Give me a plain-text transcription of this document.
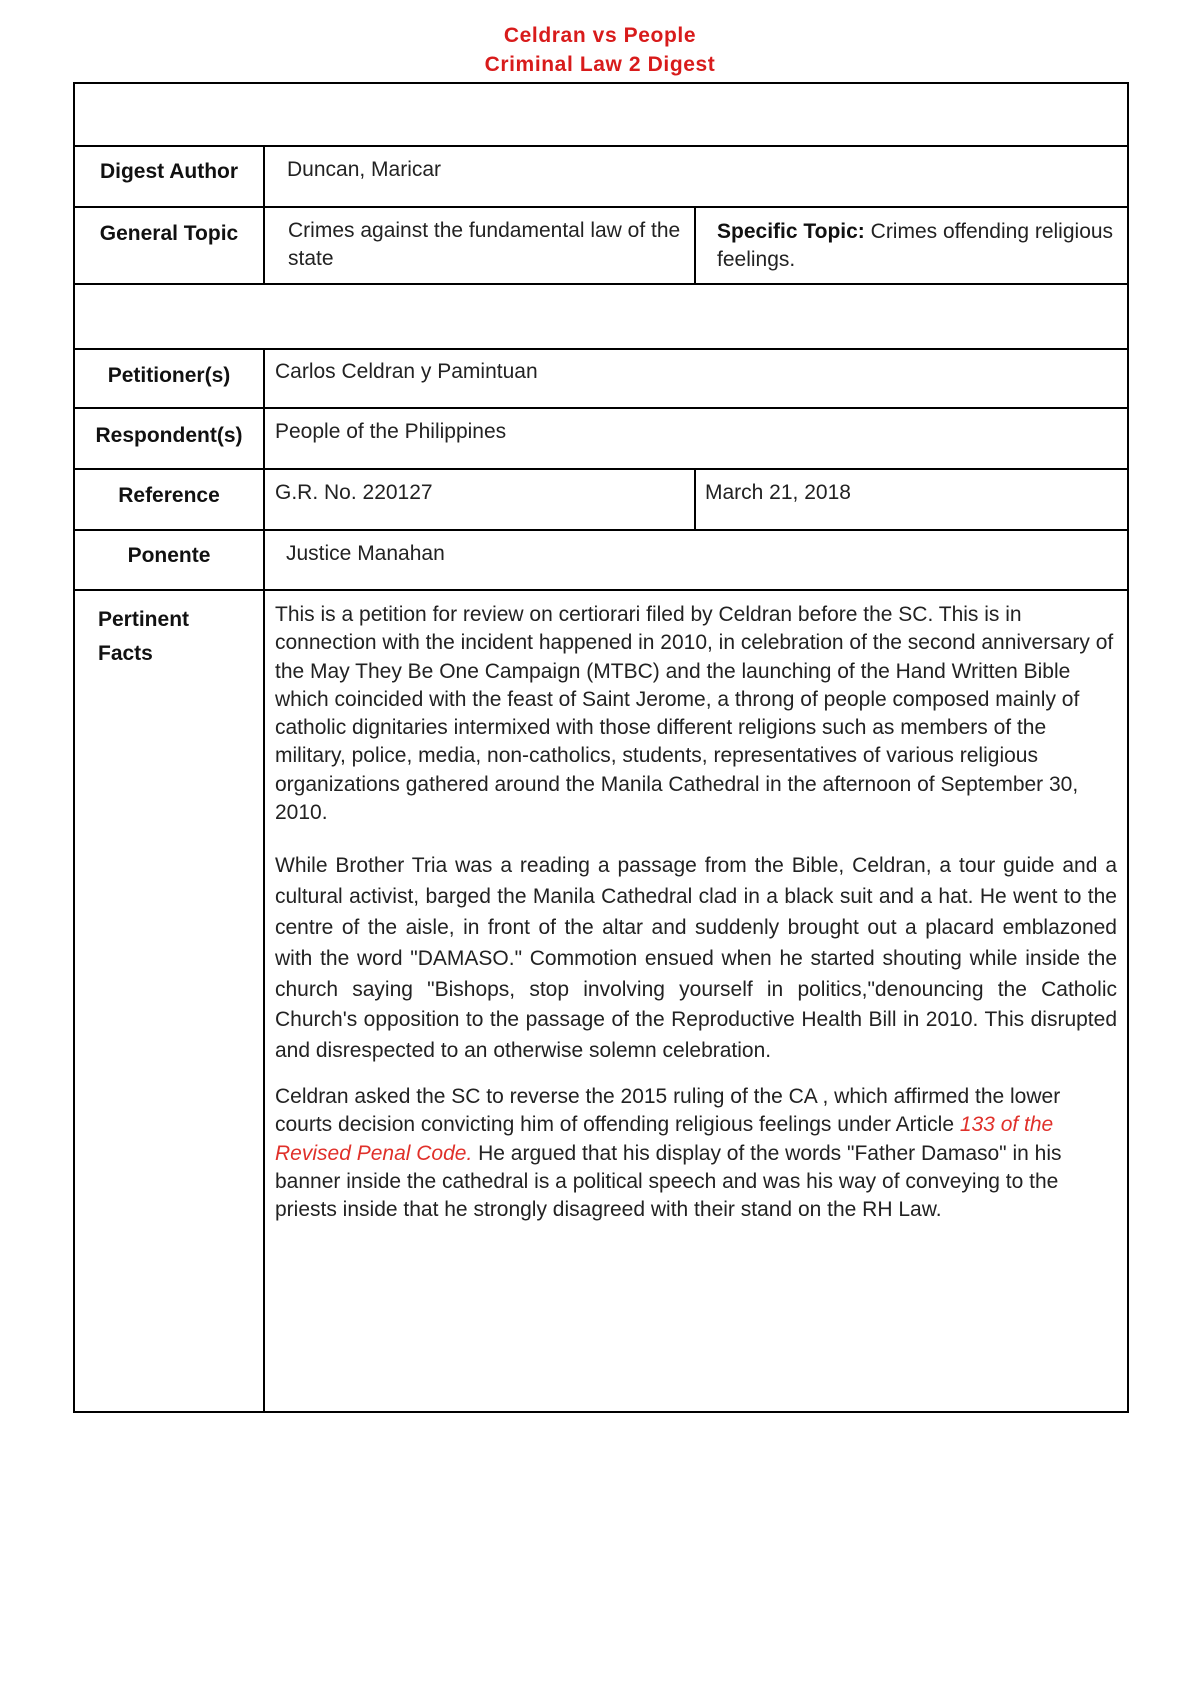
Celdran vs People
Criminal Law 2 Digest
Digest Author	Duncan, Maricar
General Topic	Crimes against the fundamental law of the state
Specific Topic: Crimes offending religious feelings.
Petitioner(s)	Carlos Celdran y Pamintuan
Respondent(s)	People of the Philippines
Reference	G.R. No. 220127	March 21, 2018
Ponente	Justice Manahan
Pertinent Facts
This is a petition for review on certiorari filed by Celdran before the SC. This is in connection with the incident happened in 2010, in celebration of the second anniversary of the May They Be One Campaign (MTBC) and the launching of the Hand Written Bible which coincided with the feast of Saint Jerome, a throng of people composed mainly of catholic dignitaries intermixed with those different religions such as members of the military, police, media, non-catholics, students, representatives of various religious organizations gathered around the Manila Cathedral in the afternoon of September 30, 2010.
While Brother Tria was a reading a passage from the Bible, Celdran, a tour guide and a cultural activist, barged the Manila Cathedral clad in a black suit and a hat. He went to the centre of the aisle, in front of the altar and suddenly brought out a placard emblazoned with the word "DAMASO." Commotion ensued when he started shouting while inside the church saying "Bishops, stop involving yourself in politics,"denouncing the Catholic Church's opposition to the passage of the Reproductive Health Bill in 2010. This disrupted and disrespected to an otherwise solemn celebration.
Celdran asked the SC to reverse the 2015 ruling of the CA , which affirmed the lower courts decision convicting him of offending religious feelings under Article 133 of the Revised Penal Code. He argued that his display of the words "Father Damaso" in his banner inside the cathedral is a political speech and was his way of conveying to the priests inside that he strongly disagreed with their stand on the RH Law.
